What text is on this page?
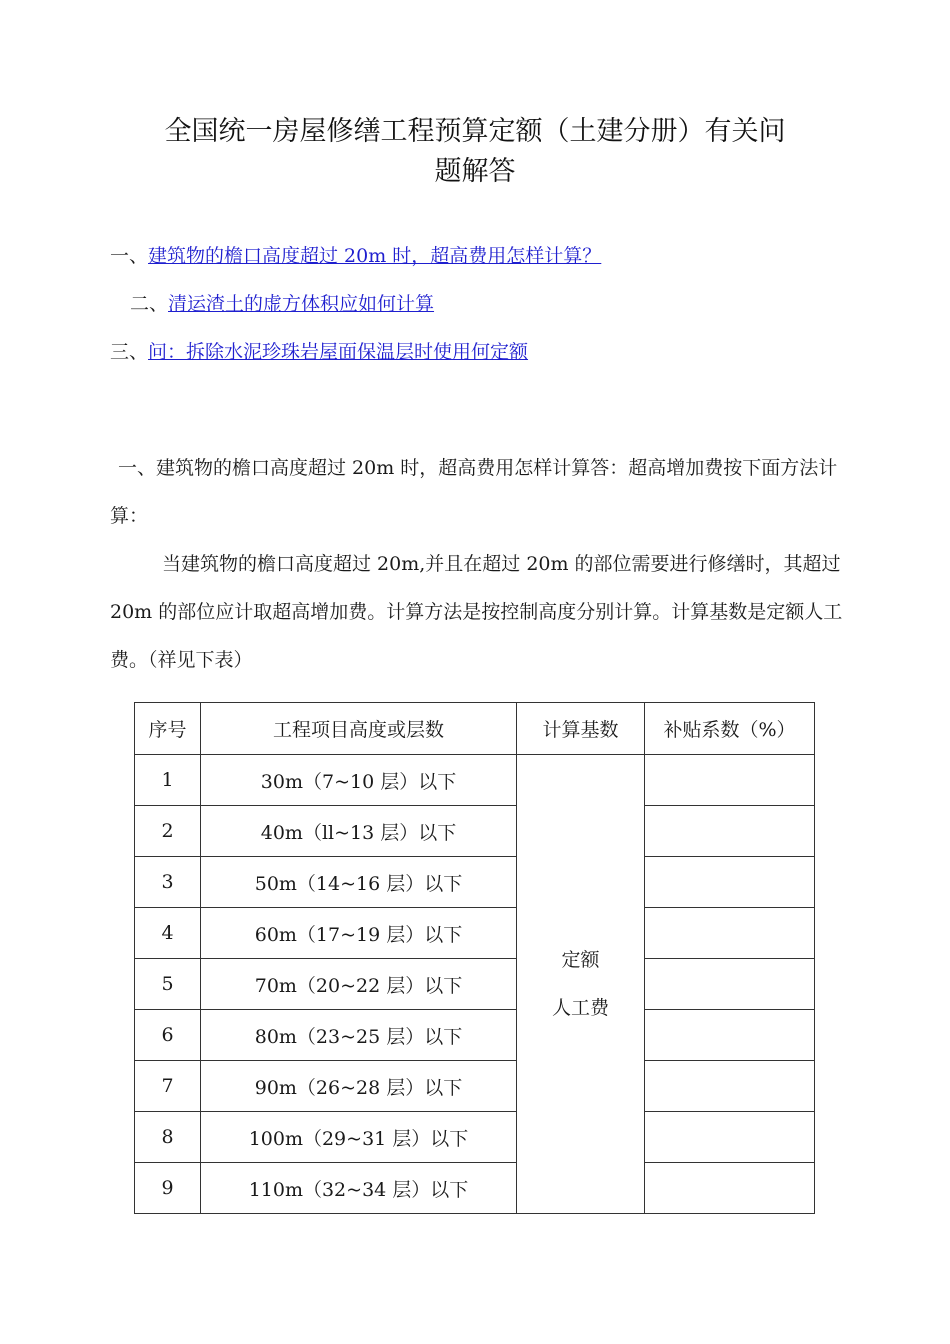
全国统一房屋修缮工程预算定额（土建分册）有关问
题解答
一、建筑物的檐口高度超过 20m 时，超高费用怎样计算？
二、清运渣土的虚方体积应如何计算
三、问：拆除水泥珍珠岩屋面保温层时使用何定额
一、建筑物的檐口高度超过 20m 时，超高费用怎样计算答：超高增加费按下面方法计算：
当建筑物的檐口高度超过 20m,并且在超过 20m 的部位需要进行修缮时，其超过 20m 的部位应计取超高增加费。计算方法是按控制高度分别计算。计算基数是定额人工费。（祥见下表）
序号	工程项目高度或层数	计算基数	补贴系数（%）
1	30m（7~10 层）以下	定额
人工费	

2	40m（ll~13 层）以下		
3	50m（14~16 层）以下		
4	60m（17~19 层）以下		
5	70m（20~22 层）以下		
6	80m（23~25 层）以下		
7	90m（26~28 层）以下		
8	100m（29~31 层）以下		
9	110m（32~34 层）以下		
